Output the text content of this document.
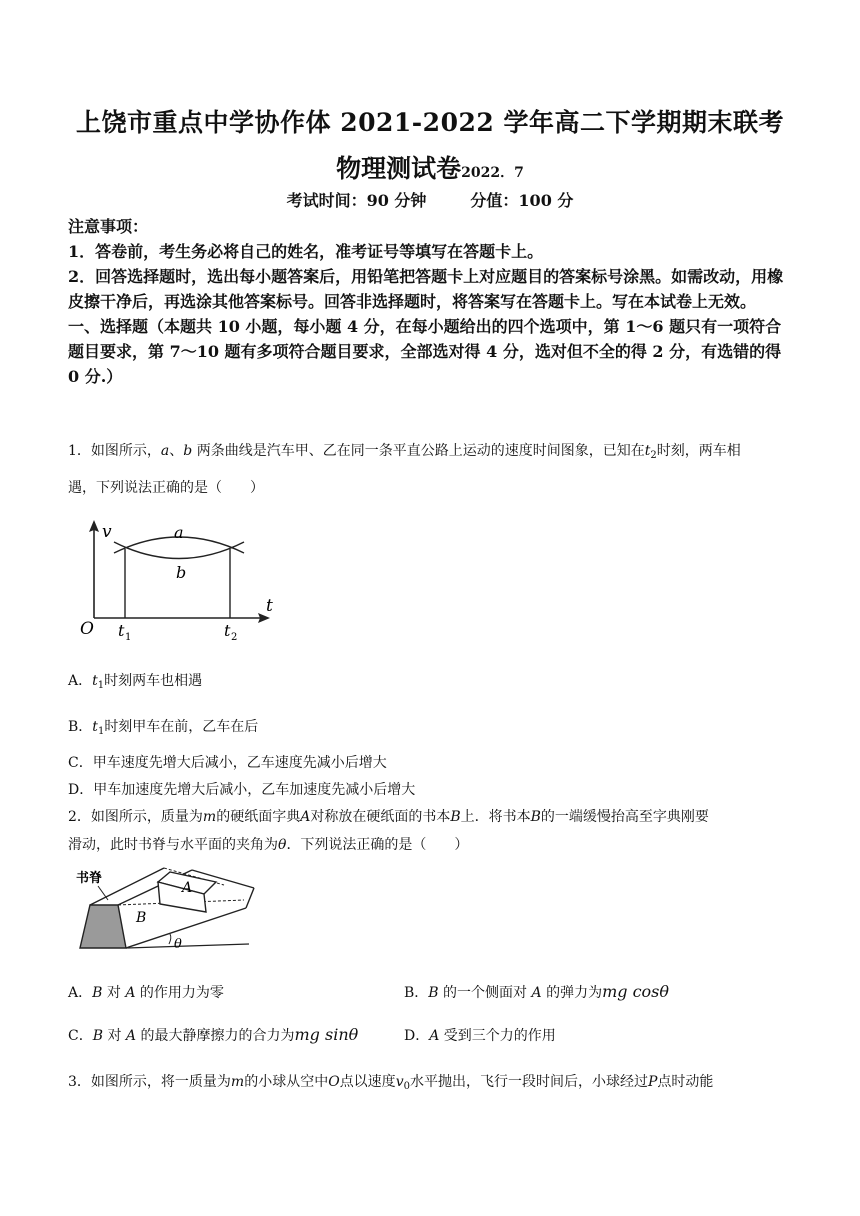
上饶市重点中学协作体 2021-2022 学年高二下学期期末联考
物理测试卷2022．7
考试时间：90 分钟	分值：100 分
注意事项：
1．答卷前，考生务必将自己的姓名，准考证号等填写在答题卡上。
2．回答选择题时，选出每小题答案后，用铅笔把答题卡上对应题目的答案标号涂黑。如需改动，用橡皮擦干净后，再选涂其他答案标号。回答非选择题时，将答案写在答题卡上。写在本试卷上无效。
一、选择题（本题共 10 小题，每小题 4 分，在每小题给出的四个选项中，第 1～6 题只有一项符合题目要求，第 7～10 题有多项符合题目要求，全部选对得 4 分，选对但不全的得 2 分，有选错的得 0 分.）
1．如图所示，a、b 两条曲线是汽车甲、乙在同一条平直公路上运动的速度时间图象，已知在$t_2$时刻，两车相
遇，下列说法正确的是（　　）
v
t
O
a
b
t 1	t 2
A．$t_1$时刻两车也相遇
B．$t_1$时刻甲车在前，乙车在后
C．甲车速度先增大后减小，乙车速度先减小后增大
D．甲车加速度先增大后减小，乙车加速度先减小后增大
2．如图所示，质量为m的硬纸面字典A对称放在硬纸面的书本B上．将书本B的一端缓慢抬高至字典刚要
滑动，此时书脊与水平面的夹角为θ．下列说法正确的是（　　）
书脊
A
B
θ
A．B 对 A 的作用力为零	B．B 的一个侧面对 A 的弹力为mg cosθ
C．B 对 A 的最大静摩擦力的合力为mg sinθ	D．A 受到三个力的作用
3．如图所示，将一质量为m的小球从空中O点以速度$v_0$水平抛出，飞行一段时间后，小球经过P点时动能
